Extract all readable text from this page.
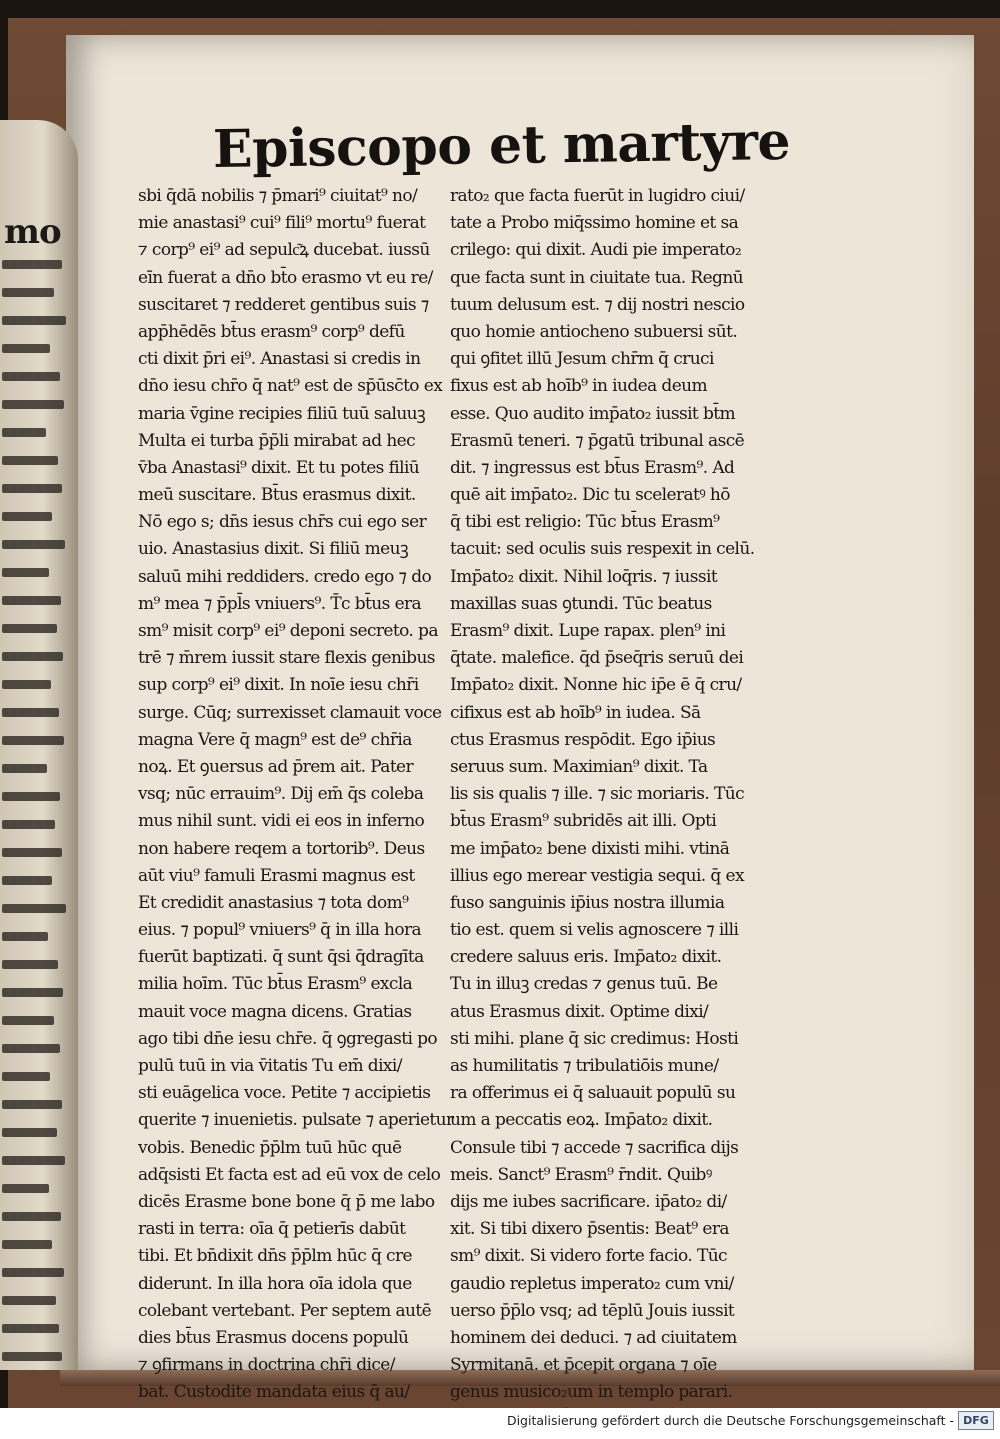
mo
Episcopo et martyre
sbi q̄dā nobilis ⁊ p̄mari⁹ ciuitat⁹ no/
mie anastasi⁹ cui⁹ fili⁹ mortu⁹ fuerat
⁊ corp⁹ ei⁹ ad sepulc͂ꝝ ducebat. iussū
eīn fuerat a dn̄o bt̄o erasmo vt eu re/
suscitaret ⁊ redderet gentibus suis ⁊
app̄hēdēs bt̄us erasm⁹ corp⁹ defū
cti dixit p̄ri ei⁹. Anastasi si credis in
dn̄o iesu chr̄o q̄ nat⁹ est de sp̄ūsc̄to ex
maria v̄gine recipies filiū tuū saluuꝫ
Multa ei turba p̄p̄li mirabat ad hec
v̄ba Anastasi⁹ dixit. Et tu potes filiū
meū suscitare. Bt̄us erasmus dixit.
Nō ego s; dn̄s iesus chr̄s cui ego ser
uio. Anastasius dixit. Si filiū meuꝫ
saluū mihi reddiders. credo ego ⁊ do
m⁹ mea ⁊ p̄pl̄s vniuers⁹. T̄c bt̄us era
sm⁹ misit corp⁹ ei⁹ deponi secreto. pa
trē ⁊ m̄rem iussit stare flexis genibus
sup corp⁹ ei⁹ dixit. In noīe iesu chr̄i
surge. Cūq; surrexisset clamauit voce
magna Vere q̄ magn⁹ est de⁹ chr̄ia
noꝝ. Et ꝯuersus ad p̄rem ait. Pater
vsq; nūc errauim⁹. Dij em̄ q̄s coleba
mus nihil sunt. vidi ei eos in inferno
non habere reqem a tortorib⁹. Deus
aūt viu⁹ famuli Erasmi magnus est
Et credidit anastasius ⁊ tota dom⁹
eius. ⁊ popul⁹ vniuers⁹ q̄ in illa hora
fuerūt baptizati. q̄ sunt q̄si q̄dragīta
milia hoīm. Tūc bt̄us Erasm⁹ excla
mauit voce magna dicens. Gratias
ago tibi dn̄e iesu chr̄e. q̄ ꝯgregasti po
pulū tuū in via v̄itatis Tu em̄ dixi/
sti euāgelica voce. Petite ⁊ accipietis
querite ⁊ inuenietis. pulsate ⁊ aperietur
vobis. Benedic p̄p̄lm tuū hūc quē
adq̄sisti Et facta est ad eū vox de celo
dicēs Erasme bone bone q̄ p̄ me labo
rasti in terra: oīa q̄ petierīs dabūt
tibi. Et bn̄dixit dn̄s p̄p̄lm hūc q̄ cre
diderunt. In illa hora oīa idola que
colebant vertebant. Per septem autē
dies bt̄us Erasmus docens populū
⁊ ꝯfirmans in doctrina chr̄i dice/
bat. Custodite mandata eius q̄ au/
rato₂ que facta fuerūt in lugidro ciui/
tate a Probo miq̄ssimo homine et sa
crilego: qui dixit. Audi pie imperato₂
que facta sunt in ciuitate tua. Regnū
tuum delusum est. ⁊ dij nostri nescio
quo homie antiocheno subuersi sūt.
qui ꝯfitet illū Jesum chr̄m q̄ cruci
fixus est ab hoīb⁹ in iudea deum
esse. Quo audito imp̄ato₂ iussit bt̄m
Erasmū teneri. ⁊ p̄gatū tribunal ascē
dit. ⁊ ingressus est bt̄us Erasm⁹. Ad
quē ait imp̄ato₂. Dic tu sceleratꝰ hō
q̄ tibi est religio: Tūc bt̄us Erasm⁹
tacuit: sed oculis suis respexit in celū.
Imp̄ato₂ dixit. Nihil loq̄ris. ⁊ iussit
maxillas suas ꝯtundi. Tūc beatus
Erasm⁹ dixit. Lupe rapax. plen⁹ ini
q̄tate. malefice. q̄d p̄seq̄ris seruū dei
Imp̄ato₂ dixit. Nonne hic ip̄e ē q̄ cru/
cifixus est ab hoīb⁹ in iudea. Sā
ctus Erasmus respōdit. Ego ip̄ius
seruus sum. Maximian⁹ dixit. Ta
lis sis qualis ⁊ ille. ⁊ sic moriaris. Tūc
bt̄us Erasm⁹ subridēs ait illi. Opti
me imp̄ato₂ bene dixisti mihi. vtinā
illius ego merear vestigia sequi. q̄ ex
fuso sanguinis ip̄ius nostra illumia
tio est. quem si velis agnoscere ⁊ illi
credere saluus eris. Imp̄ato₂ dixit.
Tu in illuꝫ credas ⁊ genus tuū. Be
atus Erasmus dixit. Optime dixi/
sti mihi. plane q̄ sic credimus: Hosti
as humilitatis ⁊ tribulatiōis mune/
ra offerimus ei q̄ saluauit populū su
um a peccatis eoꝝ. Imp̄ato₂ dixit.
Consule tibi ⁊ accede ⁊ sacrifica dijs
meis. Sanct⁹ Erasm⁹ r̄ndit. Quibꝰ
dijs me iubes sacrificare. ip̄ato₂ di/
xit. Si tibi dixero p̄sentis: Beat⁹ era
sm⁹ dixit. Si videro forte facio. Tūc
gaudio repletus imperato₂ cum vni/
uerso p̄p̄lo vsq; ad tēplū Jouis iussit
hominem dei deduci. ⁊ ad ciuitatem
Syrmitanā. et p̄cepit organa ⁊ oīe
genus musico₂um in templo parari.
Digitalisierung gefördert durch die Deutsche Forschungsgemeinschaft - DFG
